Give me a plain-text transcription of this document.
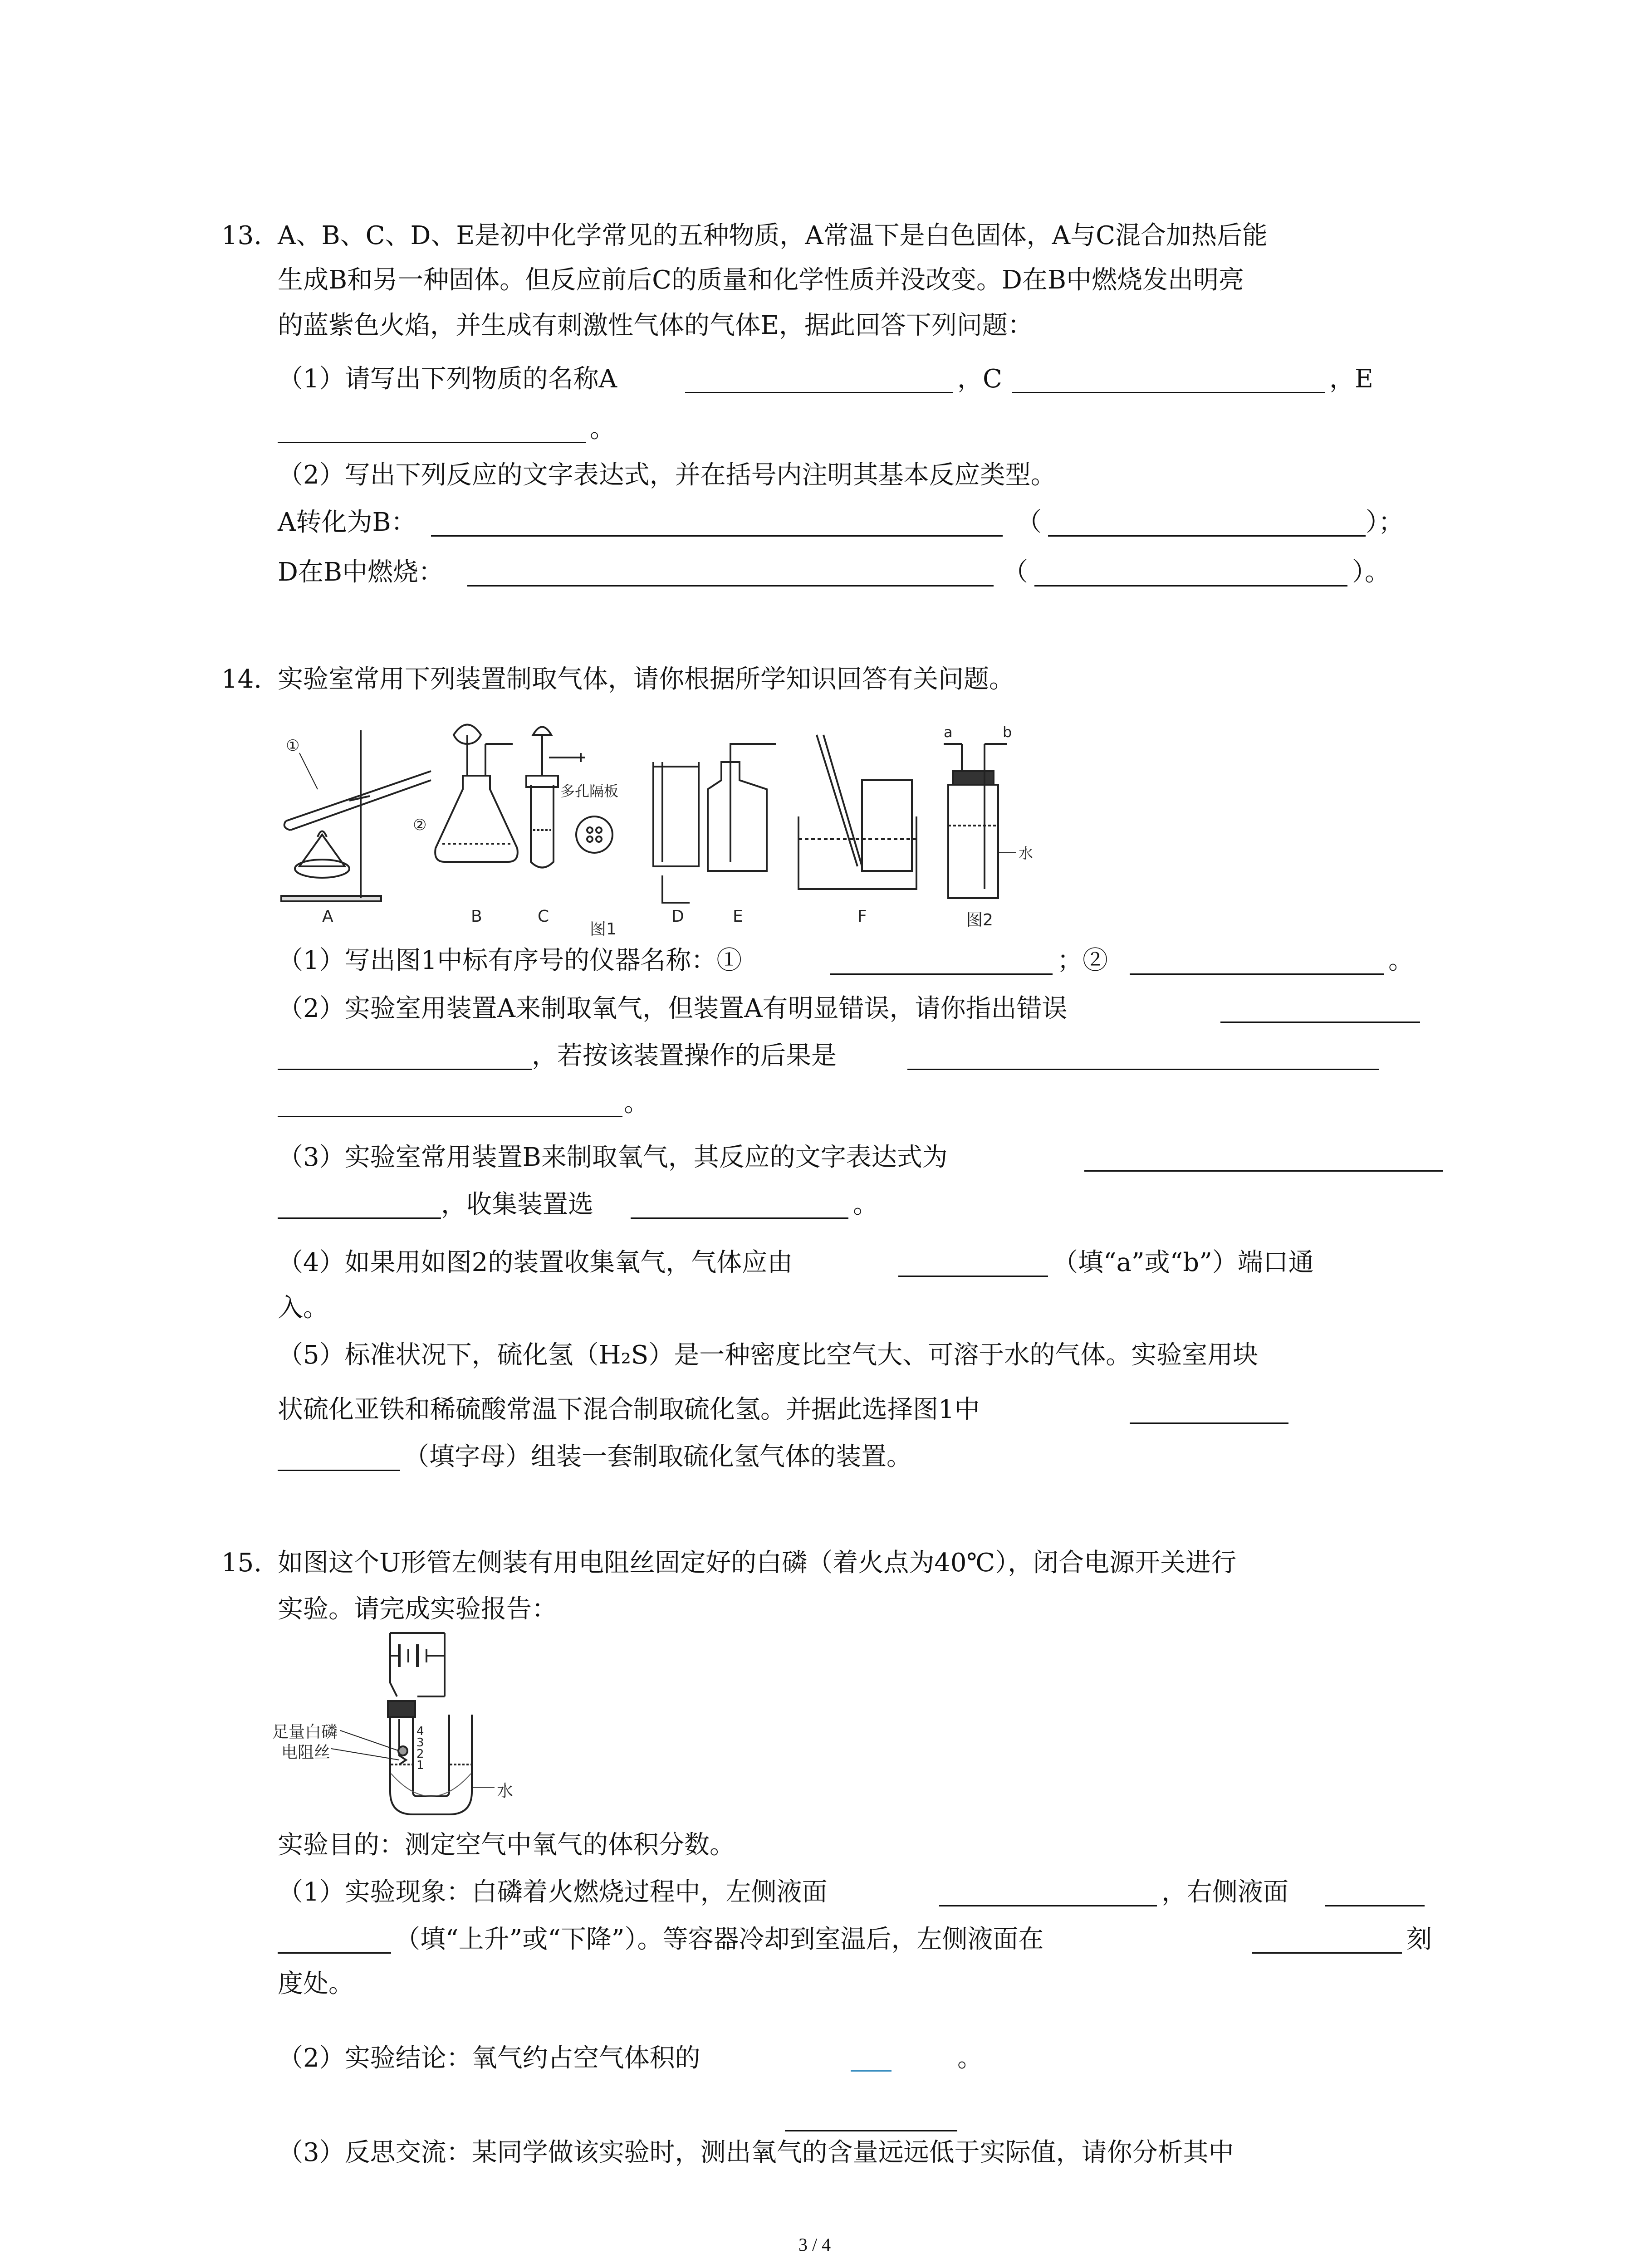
13. A、B、C、D、E是初中化学常见的五种物质，A常温下是白色固体，A与C混合加热后能
生成B和另一种固体。但反应前后C的质量和化学性质并没改变。D在B中燃烧发出明亮
的蓝紫色火焰，并生成有刺激性气体的气体E，据此回答下列问题：
（1）请写出下列物质的名称A	，C	，E
。
（2）写出下列反应的文字表达式，并在括号内注明其基本反应类型。
A转化为B：	（	）；
D在B中燃烧：	（	）。
14. 实验室常用下列装置制取气体，请你根据所学知识回答有关问题。
①
②
多孔隔板
a	b
水
A	B	C	D	E	F
图1	图2
（1）写出图1中标有序号的仪器名称：①	；②	。
（2）实验室用装置A来制取氧气，但装置A有明显错误，请你指出错误
，若按该装置操作的后果是
。
（3）实验室常用装置B来制取氧气，其反应的文字表达式为
，收集装置选	。
（4）如果用如图2的装置收集氧气，气体应由	（填“a”或“b”）端口通
入。
（5）标准状况下，硫化氢（H₂S）是一种密度比空气大、可溶于水的气体。实验室用块
状硫化亚铁和稀硫酸常温下混合制取硫化氢。并据此选择图1中
（填字母）组装一套制取硫化氢气体的装置。
15. 如图这个U形管左侧装有用电阻丝固定好的白磷（着火点为40℃），闭合电源开关进行
实验。请完成实验报告：
4
3
2
1
足量白磷
电阻丝
水
实验目的：测定空气中氧气的体积分数。
（1）实验现象：白磷着火燃烧过程中，左侧液面	，右侧液面
（填“上升”或“下降”）。等容器冷却到室温后，左侧液面在	刻
度处。
（2）实验结论：氧气约占空气体积的	。
（3）反思交流：某同学做该实验时，测出氧气的含量远远低于实际值，请你分析其中
3 / 4
